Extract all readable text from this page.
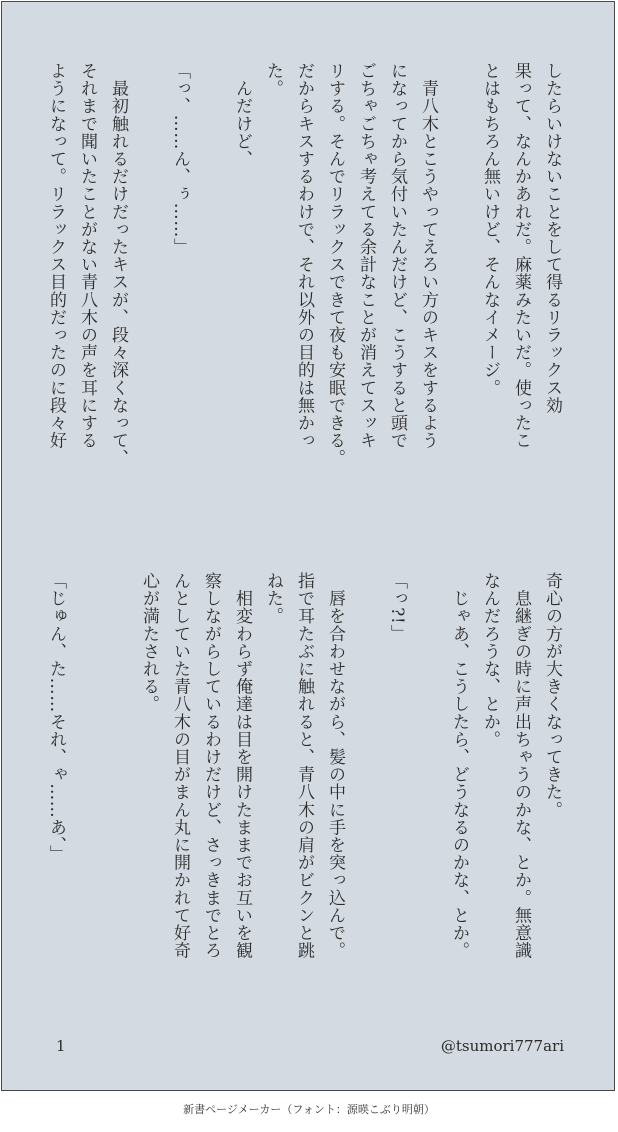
したらいけないことをして得るリラックス効
果って、なんかあれだ。麻薬みたいだ。使ったこ
とはもちろん無いけど、そんなイメージ。
　青八木とこうやってえろい方のキスをするよう
になってから気付いたんだけど、こうすると頭で
ごちゃごちゃ考えてる余計なことが消えてスッキ
リする。そんでリラックスできて夜も安眠できる。
だからキスするわけで、それ以外の目的は無かっ
た。
　んだけど、
「っ、……ん、ぅ……」
　最初触れるだけだったキスが、段々深くなって、
それまで聞いたことがない青八木の声を耳にする
ようになって。リラックス目的だったのに段々好
奇心の方が大きくなってきた。
　息継ぎの時に声出ちゃうのかな、とか。無意識
なんだろうな、とか。
　じゃあ、こうしたら、どうなるのかな、とか。
「っ?!」
　唇を合わせながら、髪の中に手を突っ込んで。
指で耳たぶに触れると、青八木の肩がビクンと跳
ねた。
　相変わらず俺達は目を開けたままでお互いを観
察しながらしているわけだけど、さっきまでとろ
んとしていた青八木の目がまん丸に開かれて好奇
心が満たされる。
「じゅん、た……それ、ゃ……あ、」
1	@tsumori777ari
新書ページメーカー（フォント：源暎こぶり明朝）
